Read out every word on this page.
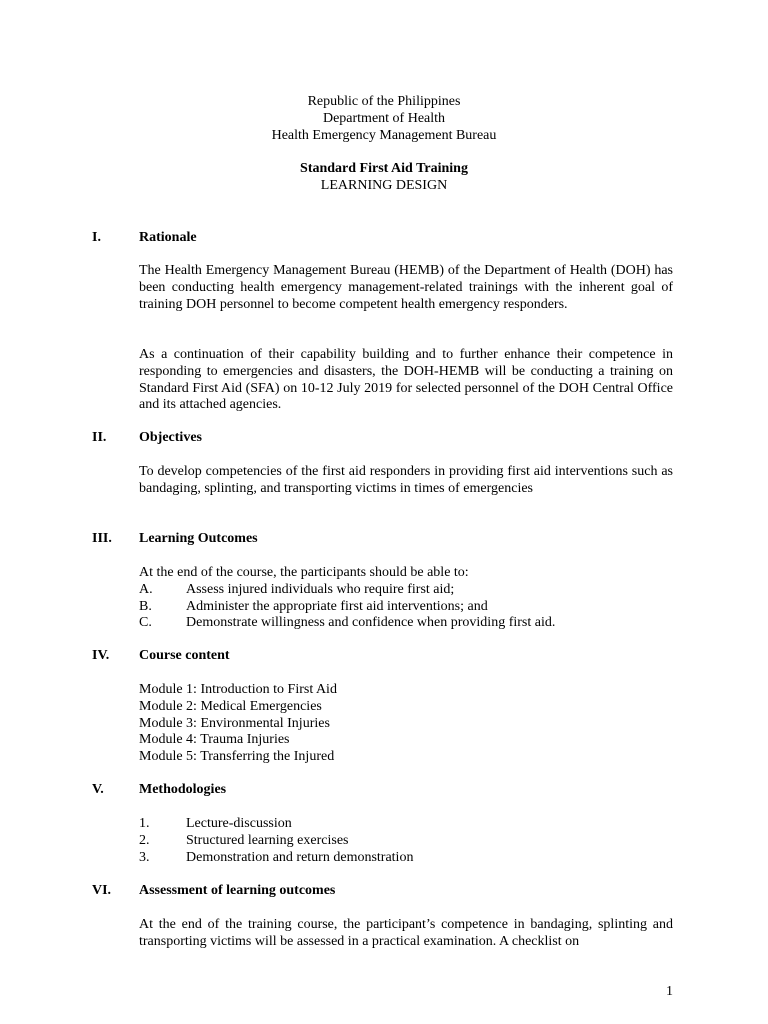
Republic of the Philippines
Department of Health
Health Emergency Management Bureau
Standard First Aid Training
LEARNING DESIGN
I.	Rationale

The Health Emergency Management Bureau (HEMB) of the Department of Health (DOH) has been conducting health emergency management-related trainings with the inherent goal of training DOH personnel to become competent health emergency responders.

As a continuation of their capability building and to further enhance their competence in responding to emergencies and disasters, the DOH-HEMB will be conducting a training on Standard First Aid (SFA) on 10-12 July 2019 for selected personnel of the DOH Central Office and its attached agencies.

II. Objectives

To develop competencies of the first aid responders in providing first aid interventions such as bandaging, splinting, and transporting victims in times of emergencies

III. Learning Outcomes
At the end of the course, the participants should be able to:
A. Assess injured individuals who require first aid;
B. Administer the appropriate first aid interventions; and
C. Demonstrate willingness and confidence when providing first aid.
IV. Course content
Module 1: Introduction to First Aid
Module 2: Medical Emergencies
Module 3: Environmental Injuries
Module 4: Trauma Injuries
Module 5: Transferring the Injured
V.	Methodologies
1.	Lecture-discussion
2.	Structured learning exercises
3.	Demonstration and return demonstration
VI. Assessment of learning outcomes

At the end of the training course, the participant’s competence in bandaging, splinting and transporting victims will be assessed in a practical examination. A checklist on

1
